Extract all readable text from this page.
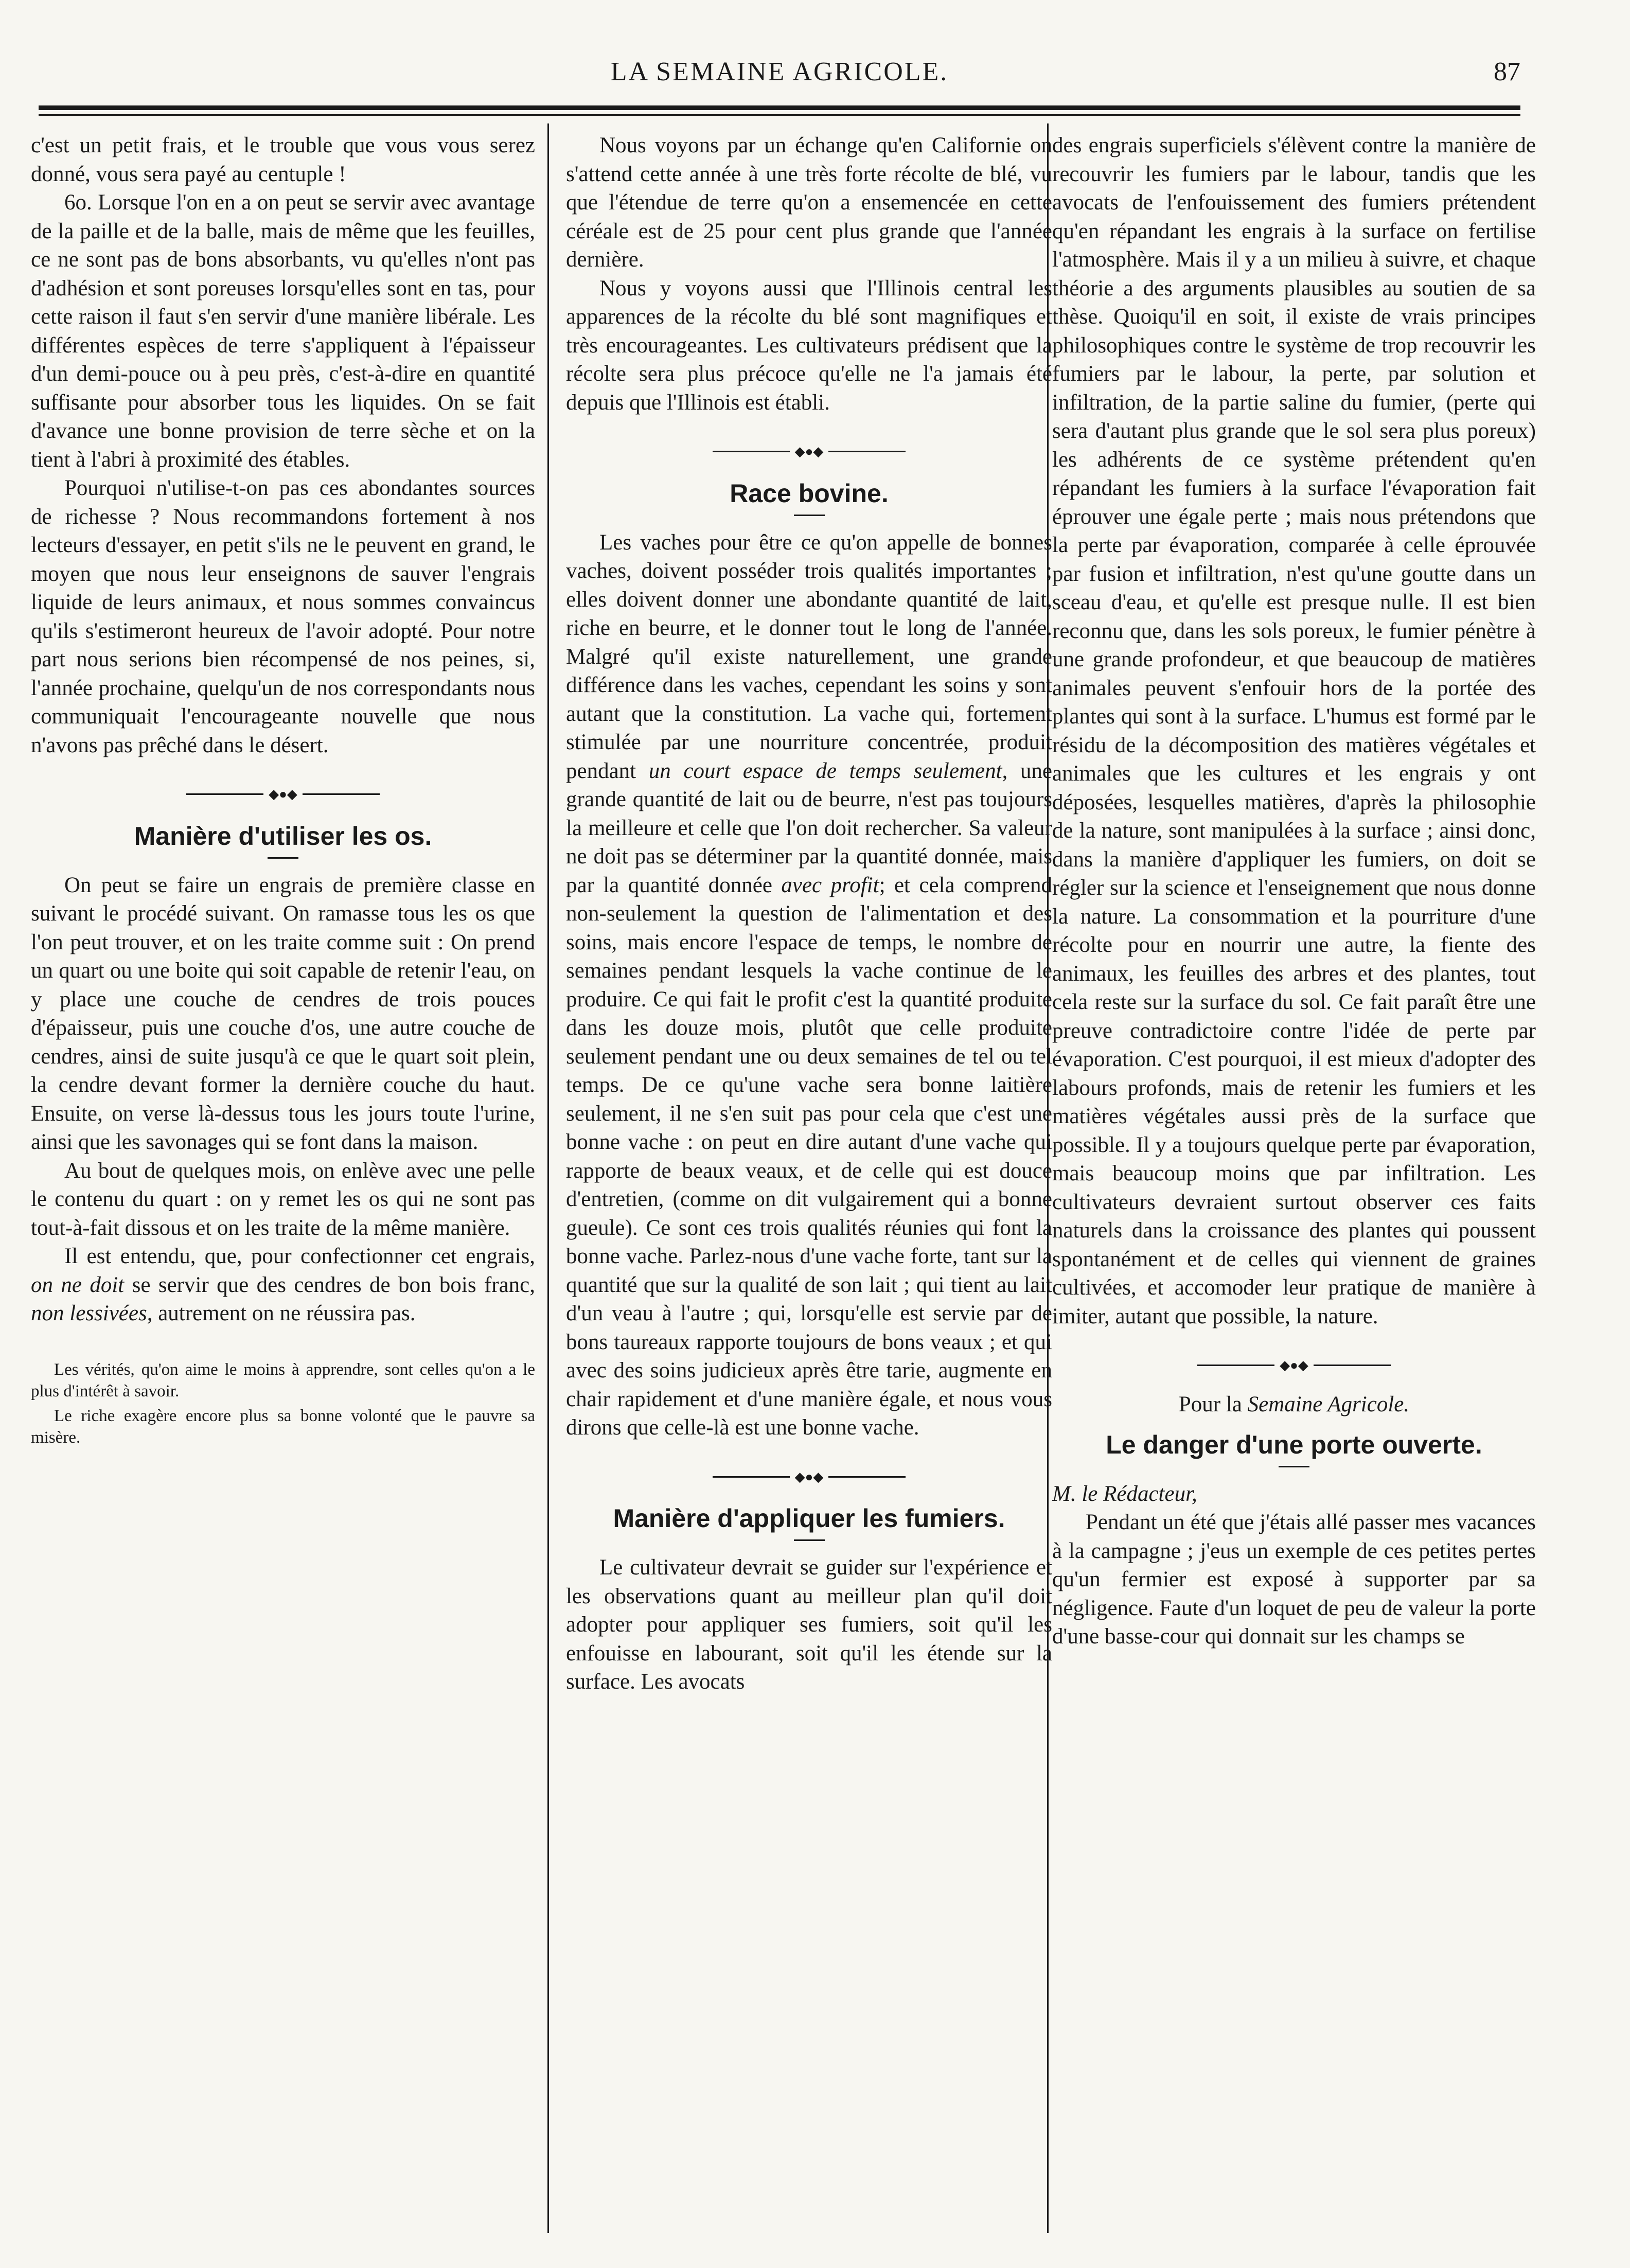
LA SEMAINE AGRICOLE.	87

c'est un petit frais, et le trouble que vous vous serez donné, vous sera payé au centuple !

6o. Lorsque l'on en a on peut se servir avec avantage de la paille et de la balle, mais de même que les feuilles, ce ne sont pas de bons absorbants, vu qu'elles n'ont pas d'adhésion et sont poreuses lorsqu'elles sont en tas, pour cette raison il faut s'en servir d'une manière libérale. Les différentes espèces de terre s'appliquent à l'épaisseur d'un demi-pouce ou à peu près, c'est-à-dire en quantité suffisante pour absorber tous les liquides. On se fait d'avance une bonne provision de terre sèche et on la tient à l'abri à proximité des étables.

Pourquoi n'utilise-t-on pas ces abondantes sources de richesse ? Nous recommandons fortement à nos lecteurs d'essayer, en petit s'ils ne le peuvent en grand, le moyen que nous leur enseignons de sauver l'engrais liquide de leurs animaux, et nous sommes convaincus qu'ils s'estimeront heureux de l'avoir adopté. Pour notre part nous serions bien récompensé de nos peines, si, l'année prochaine, quelqu'un de nos correspondants nous communiquait l'encourageante nouvelle que nous n'avons pas prêché dans le désert.

◆●◆
Manière d'utiliser les os.

On peut se faire un engrais de première classe en suivant le procédé suivant. On ramasse tous les os que l'on peut trouver, et on les traite comme suit : On prend un quart ou une boite qui soit capable de retenir l'eau, on y place une couche de cendres de trois pouces d'épaisseur, puis une couche d'os, une autre couche de cendres, ainsi de suite jusqu'à ce que le quart soit plein, la cendre devant former la dernière couche du haut. Ensuite, on verse là-dessus tous les jours toute l'urine, ainsi que les savonages qui se font dans la maison.

Au bout de quelques mois, on enlève avec une pelle le contenu du quart : on y remet les os qui ne sont pas tout-à-fait dissous et on les traite de la même manière.

Il est entendu, que, pour confectionner cet engrais, on ne doit se servir que des cendres de bon bois franc, non lessivées, autrement on ne réussira pas.

Les vérités, qu'on aime le moins à apprendre, sont celles qu'on a le plus d'intérêt à savoir.

Le riche exagère encore plus sa bonne volonté que le pauvre sa misère.

Nous voyons par un échange qu'en Californie on s'attend cette année à une très forte récolte de blé, vu que l'étendue de terre qu'on a ensemencée en cette céréale est de 25 pour cent plus grande que l'année dernière.

Nous y voyons aussi que l'Illinois central les apparences de la récolte du blé sont magnifiques et très encourageantes. Les cultivateurs prédisent que la récolte sera plus précoce qu'elle ne l'a jamais été depuis que l'Illinois est établi.

◆●◆
Race bovine.

Les vaches pour être ce qu'on appelle de bonnes vaches, doivent posséder trois qualités importantes ; elles doivent donner une abondante quantité de lait, riche en beurre, et le donner tout le long de l'année. Malgré qu'il existe naturellement, une grande différence dans les vaches, cependant les soins y sont autant que la constitution. La vache qui, fortement stimulée par une nourriture concentrée, produit pendant un court espace de temps seulement, une grande quantité de lait ou de beurre, n'est pas toujours la meilleure et celle que l'on doit rechercher. Sa valeur ne doit pas se déterminer par la quantité donnée, mais par la quantité donnée avec profit; et cela comprend non-seulement la question de l'alimentation et des soins, mais encore l'espace de temps, le nombre de semaines pendant lesquels la vache continue de le produire. Ce qui fait le profit c'est la quantité produite dans les douze mois, plutôt que celle produite seulement pendant une ou deux semaines de tel ou tel temps. De ce qu'une vache sera bonne laitière seulement, il ne s'en suit pas pour cela que c'est une bonne vache : on peut en dire autant d'une vache qui rapporte de beaux veaux, et de celle qui est douce d'entretien, (comme on dit vulgairement qui a bonne gueule). Ce sont ces trois qualités réunies qui font la bonne vache. Parlez-nous d'une vache forte, tant sur la quantité que sur la qualité de son lait ; qui tient au lait d'un veau à l'autre ; qui, lorsqu'elle est servie par de bons taureaux rapporte toujours de bons veaux ; et qui avec des soins judicieux après être tarie, augmente en chair rapidement et d'une manière égale, et nous vous dirons que celle-là est une bonne vache.

◆●◆
Manière d'appliquer les fumiers.

Le cultivateur devrait se guider sur l'expérience et les observations quant au meilleur plan qu'il doit adopter pour appliquer ses fumiers, soit qu'il les enfouisse en labourant, soit qu'il les étende sur la surface. Les avocats

des engrais superficiels s'élèvent contre la manière de recouvrir les fumiers par le labour, tandis que les avocats de l'enfouissement des fumiers prétendent qu'en répandant les engrais à la surface on fertilise l'atmosphère. Mais il y a un milieu à suivre, et chaque théorie a des arguments plausibles au soutien de sa thèse. Quoiqu'il en soit, il existe de vrais principes philosophiques contre le système de trop recouvrir les fumiers par le labour, la perte, par solution et infiltration, de la partie saline du fumier, (perte qui sera d'autant plus grande que le sol sera plus poreux) les adhérents de ce système prétendent qu'en répandant les fumiers à la surface l'évaporation fait éprouver une égale perte ; mais nous prétendons que la perte par évaporation, comparée à celle éprouvée par fusion et infiltration, n'est qu'une goutte dans un sceau d'eau, et qu'elle est presque nulle. Il est bien reconnu que, dans les sols poreux, le fumier pénètre à une grande profondeur, et que beaucoup de matières animales peuvent s'enfouir hors de la portée des plantes qui sont à la surface. L'humus est formé par le résidu de la décomposition des matières végétales et animales que les cultures et les engrais y ont déposées, lesquelles matières, d'après la philosophie de la nature, sont manipulées à la surface ; ainsi donc, dans la manière d'appliquer les fumiers, on doit se régler sur la science et l'enseignement que nous donne la nature. La consommation et la pourriture d'une récolte pour en nourrir une autre, la fiente des animaux, les feuilles des arbres et des plantes, tout cela reste sur la surface du sol. Ce fait paraît être une preuve contradictoire contre l'idée de perte par évaporation. C'est pourquoi, il est mieux d'adopter des labours profonds, mais de retenir les fumiers et les matières végétales aussi près de la surface que possible. Il y a toujours quelque perte par évaporation, mais beaucoup moins que par infiltration. Les cultivateurs devraient surtout observer ces faits naturels dans la croissance des plantes qui poussent spontanément et de celles qui viennent de graines cultivées, et accomoder leur pratique de manière à imiter, autant que possible, la nature.

◆●◆
Pour la Semaine Agricole.
Le danger d'une porte ouverte.

M. le Rédacteur,

Pendant un été que j'étais allé passer mes vacances à la campagne ; j'eus un exemple de ces petites pertes qu'un fermier est exposé à supporter par sa négligence. Faute d'un loquet de peu de valeur la porte d'une basse-cour qui donnait sur les champs se
